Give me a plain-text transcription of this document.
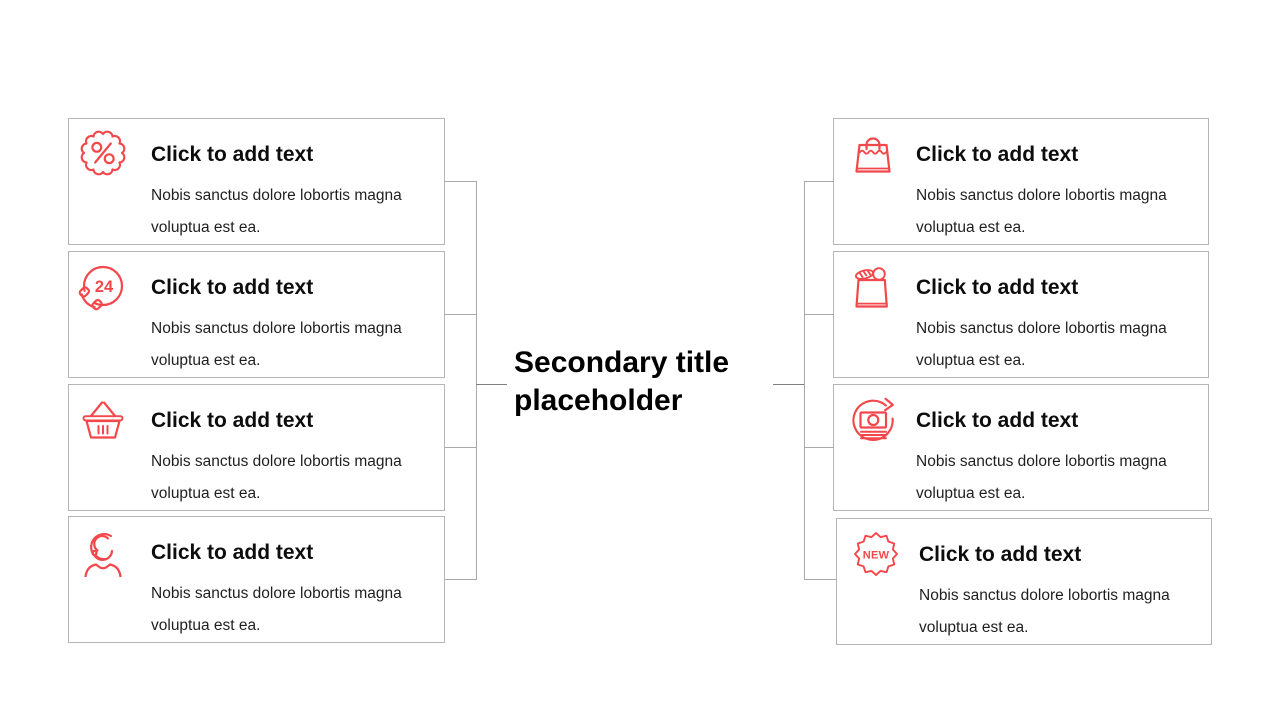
Click to add text

Nobis sanctus dolore lobortis magna voluptua est ea.

24 Click to add text

Nobis sanctus dolore lobortis magna voluptua est ea.

Click to add text

Nobis sanctus dolore lobortis magna voluptua est ea.

Click to add text

Nobis sanctus dolore lobortis magna voluptua est ea.

Click to add text

Nobis sanctus dolore lobortis magna voluptua est ea.

Click to add text

Nobis sanctus dolore lobortis magna voluptua est ea.

Click to add text

Nobis sanctus dolore lobortis magna voluptua est ea.

NEW Click to add text

Nobis sanctus dolore lobortis magna voluptua est ea.

Secondary title placeholder
